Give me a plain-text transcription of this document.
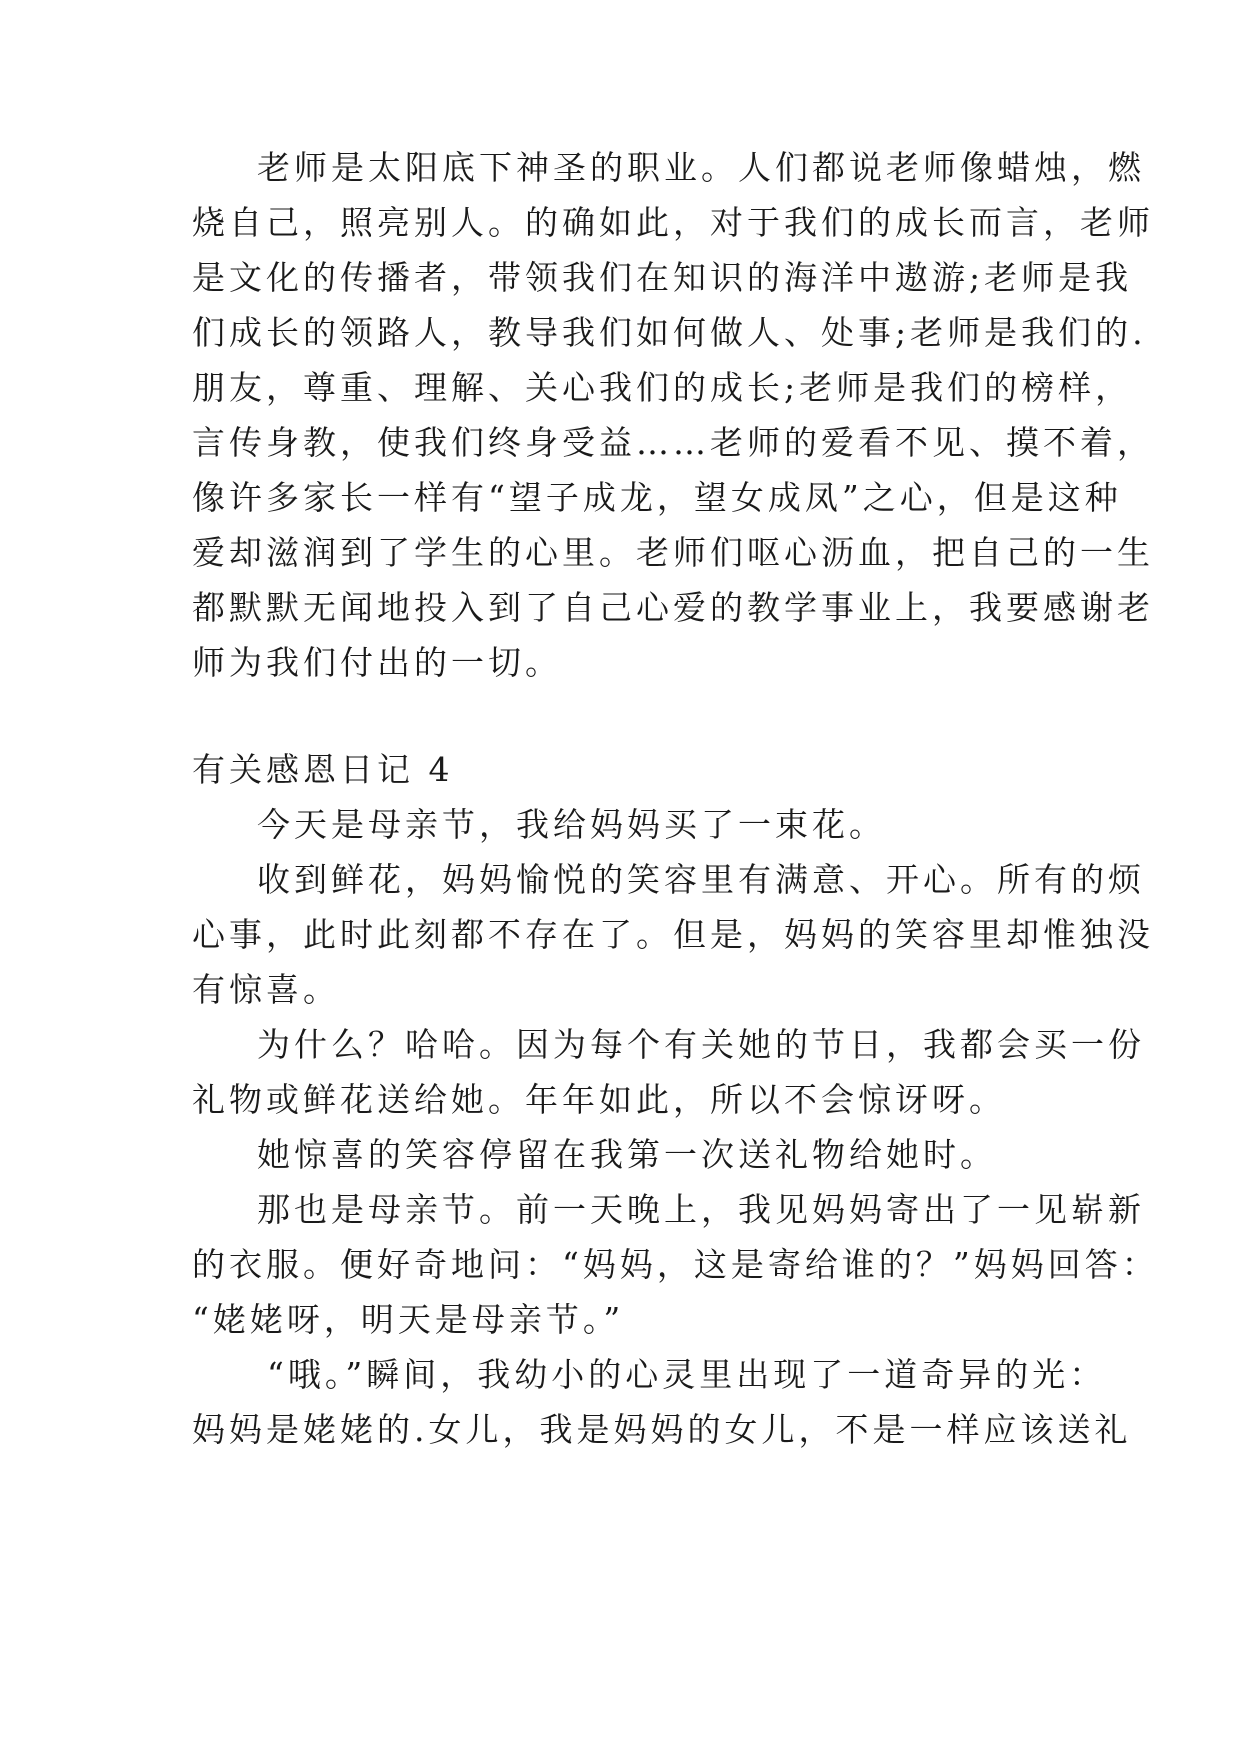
老师是太阳底下神圣的职业。人们都说老师像蜡烛，燃
烧自己，照亮别人。的确如此，对于我们的成长而言，老师
是文化的传播者，带领我们在知识的海洋中遨游;老师是我
们成长的领路人，教导我们如何做人、处事;老师是我们的.
朋友，尊重、理解、关心我们的成长;老师是我们的榜样，
言传身教，使我们终身受益……老师的爱看不见、摸不着，
像许多家长一样有“望子成龙，望女成凤”之心，但是这种
爱却滋润到了学生的心里。老师们呕心沥血，把自己的一生
都默默无闻地投入到了自己心爱的教学事业上，我要感谢老
师为我们付出的一切。
有关感恩日记 4
今天是母亲节，我给妈妈买了一束花。
收到鲜花，妈妈愉悦的笑容里有满意、开心。所有的烦
心事，此时此刻都不存在了。但是，妈妈的笑容里却惟独没
有惊喜。
为什么？哈哈。因为每个有关她的节日，我都会买一份
礼物或鲜花送给她。年年如此，所以不会惊讶呀。
她惊喜的笑容停留在我第一次送礼物给她时。
那也是母亲节。前一天晚上，我见妈妈寄出了一见崭新
的衣服。便好奇地问：“妈妈，这是寄给谁的？”妈妈回答：
“姥姥呀，明天是母亲节。”
“哦。”瞬间，我幼小的心灵里出现了一道奇异的光：
妈妈是姥姥的.女儿，我是妈妈的女儿，不是一样应该送礼
